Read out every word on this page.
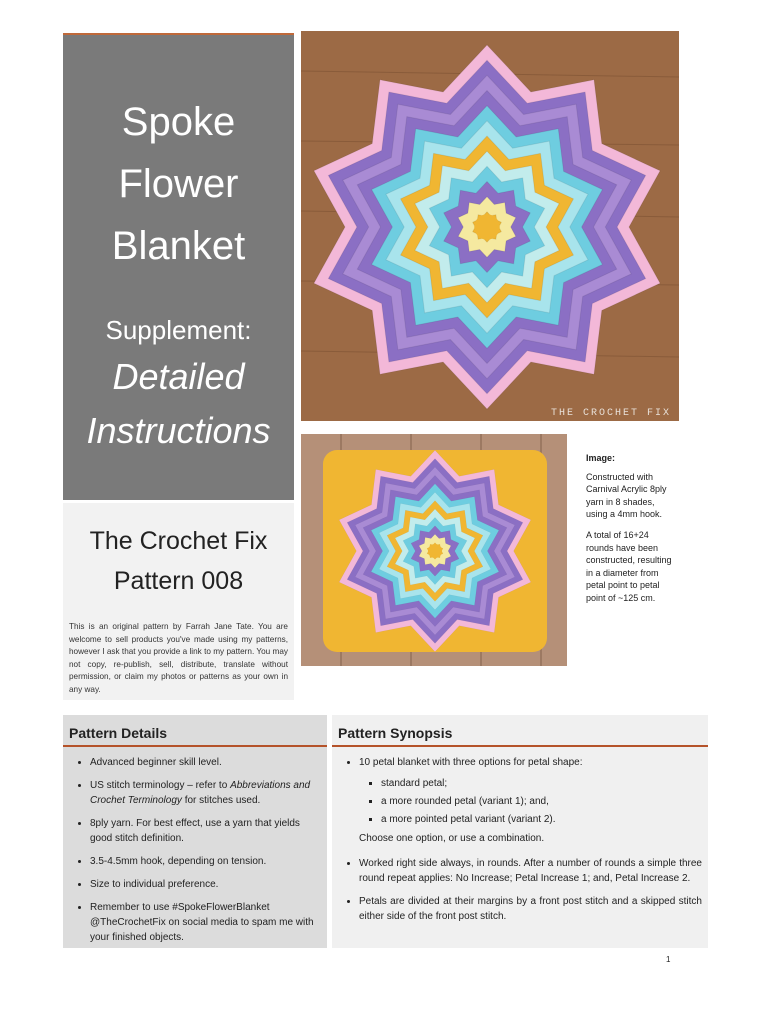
Spoke
Flower
Blanket
Supplement:
Detailed
Instructions
The Crochet Fix
Pattern 008
This is an original pattern by Farrah Jane Tate. You are welcome to sell products you've made using my patterns, however I ask that you provide a link to my pattern. You may not copy, re-publish, sell, distribute, translate without permission, or claim my photos or patterns as your own in any way.
THE CROCHET FIX
Image:

Constructed with Carnival Acrylic 8ply yarn in 8 shades, using a 4mm hook.

A total of 16+24 rounds have been constructed, resulting in a diameter from petal point to petal point of ~125 cm.

Pattern Details
• Advanced beginner skill level.
• US stitch terminology – refer to Abbreviations and Crochet Terminology for stitches used.
• 8ply yarn. For best effect, use a yarn that yields good stitch definition.
• 3.5-4.5mm hook, depending on tension.
• Size to individual preference.
• Remember to use #SpokeFlowerBlanket @TheCrochetFix on social media to spam me with your finished objects.
Pattern Synopsis
• 10 petal blanket with three options for petal shape:
▪ standard petal;
▪ a more rounded petal (variant 1); and,
▪ a more pointed petal variant (variant 2).
Choose one option, or use a combination.
• Worked right side always, in rounds. After a number of rounds a simple three round repeat applies: No Increase; Petal Increase 1; and, Petal Increase 2.
• Petals are divided at their margins by a front post stitch and a skipped stitch either side of the front post stitch.
1
